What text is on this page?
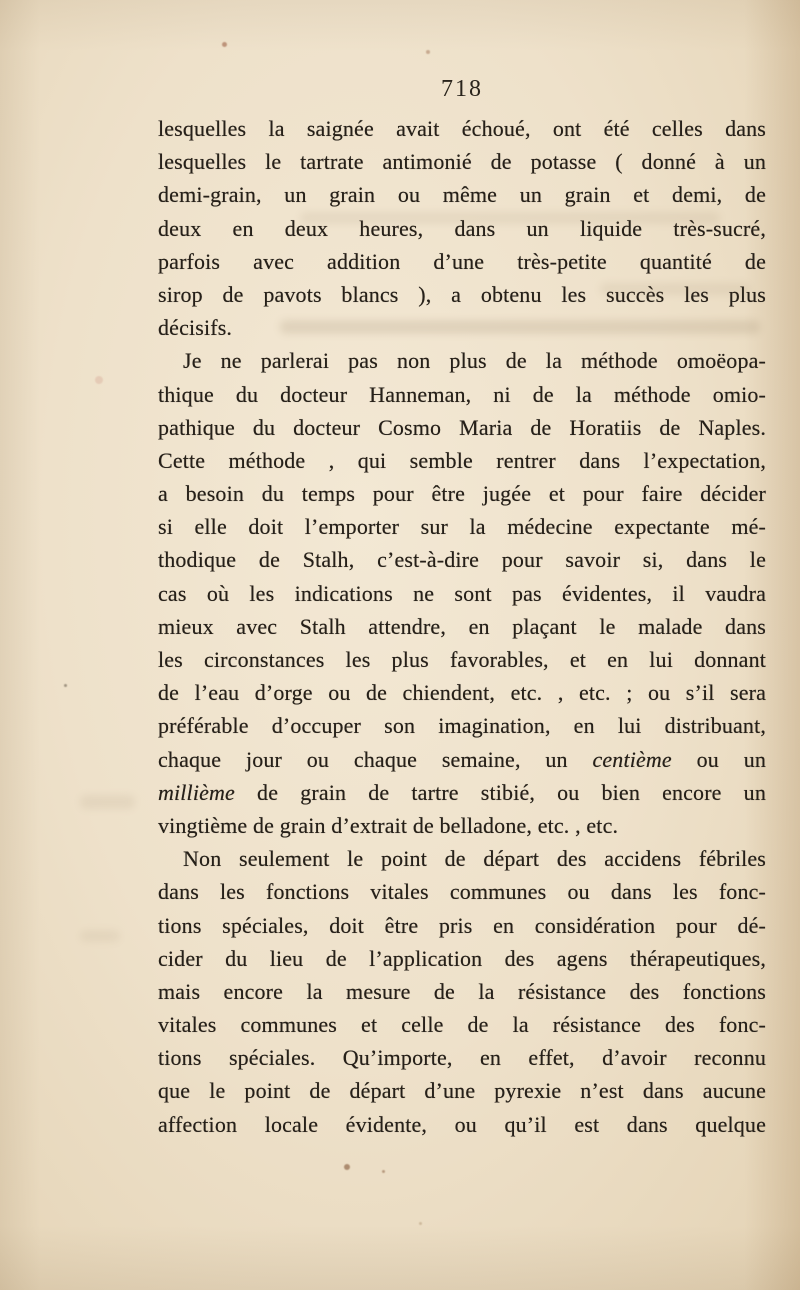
718
lesquelles la saignée avait échoué, ont été celles dans
lesquelles le tartrate antimonié de potasse ( donné à un
demi-grain, un grain ou même un grain et demi, de
deux en deux heures, dans un liquide très-sucré,
parfois avec addition d’une très-petite quantité de
sirop de pavots blancs ), a obtenu les succès les plus
décisifs.
Je ne parlerai pas non plus de la méthode omoëopa-
thique du docteur Hanneman, ni de la méthode omio-
pathique du docteur Cosmo Maria de Horatiis de Naples.
Cette méthode , qui semble rentrer dans l’expectation,
a besoin du temps pour être jugée et pour faire décider
si elle doit l’emporter sur la médecine expectante mé-
thodique de Stalh, c’est-à-dire pour savoir si, dans le
cas où les indications ne sont pas évidentes, il vaudra
mieux avec Stalh attendre, en plaçant le malade dans
les circonstances les plus favorables, et en lui donnant
de l’eau d’orge ou de chiendent, etc. , etc. ; ou s’il sera
préférable d’occuper son imagination, en lui distribuant,
chaque jour ou chaque semaine, un centième ou un
millième de grain de tartre stibié, ou bien encore un
vingtième de grain d’extrait de belladone, etc. , etc.
Non seulement le point de départ des accidens fébriles
dans les fonctions vitales communes ou dans les fonc-
tions spéciales, doit être pris en considération pour dé-
cider du lieu de l’application des agens thérapeutiques,
mais encore la mesure de la résistance des fonctions
vitales communes et celle de la résistance des fonc-
tions spéciales. Qu’importe, en effet, d’avoir reconnu
que le point de départ d’une pyrexie n’est dans aucune
affection locale évidente, ou qu’il est dans quelque
